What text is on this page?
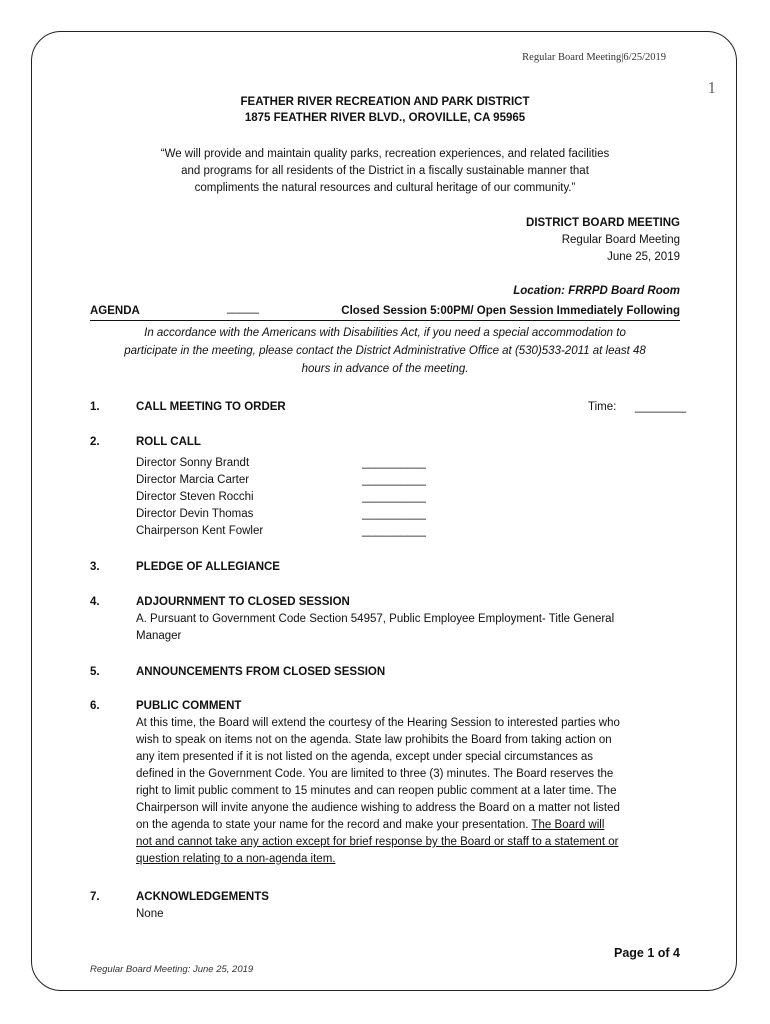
1
Regular Board Meeting|6/25/2019
FEATHER RIVER RECREATION AND PARK DISTRICT
1875 FEATHER RIVER BLVD., OROVILLE, CA 95965
“We will provide and maintain quality parks, recreation experiences, and related facilities
and programs for all residents of the District in a fiscally sustainable manner that
compliments the natural resources and cultural heritage of our community.”
DISTRICT BOARD MEETING
Regular Board Meeting
June 25, 2019
Location: FRRPD Board Room
AGENDA	_____	Closed Session 5:00PM/ Open Session Immediately Following
In accordance with the Americans with Disabilities Act, if you need a special accommodation to
participate in the meeting, please contact the District Administrative Office at (530)533-2011 at least 48
hours in advance of the meeting.
1.	CALL MEETING TO ORDER	Time: ________
2.	ROLL CALL
Director Sonny Brandt	__________
Director Marcia Carter	__________
Director Steven Rocchi	__________
Director Devin Thomas	__________
Chairperson Kent Fowler	__________
3.	PLEDGE OF ALLEGIANCE
4.	ADJOURNMENT TO CLOSED SESSION
A. Pursuant to Government Code Section 54957, Public Employee Employment- Title General
Manager
5.	ANNOUNCEMENTS FROM CLOSED SESSION
6.	PUBLIC COMMENT
At this time, the Board will extend the courtesy of the Hearing Session to interested parties who
wish to speak on items not on the agenda. State law prohibits the Board from taking action on
any item presented if it is not listed on the agenda, except under special circumstances as
defined in the Government Code. You are limited to three (3) minutes. The Board reserves the
right to limit public comment to 15 minutes and can reopen public comment at a later time. The
Chairperson will invite anyone the audience wishing to address the Board on a matter not listed
on the agenda to state your name for the record and make your presentation. The Board will
not and cannot take any action except for brief response by the Board or staff to a statement or
question relating to a non-agenda item.
7.	ACKNOWLEDGEMENTS
None
Page 1 of 4
Regular Board Meeting: June 25, 2019
